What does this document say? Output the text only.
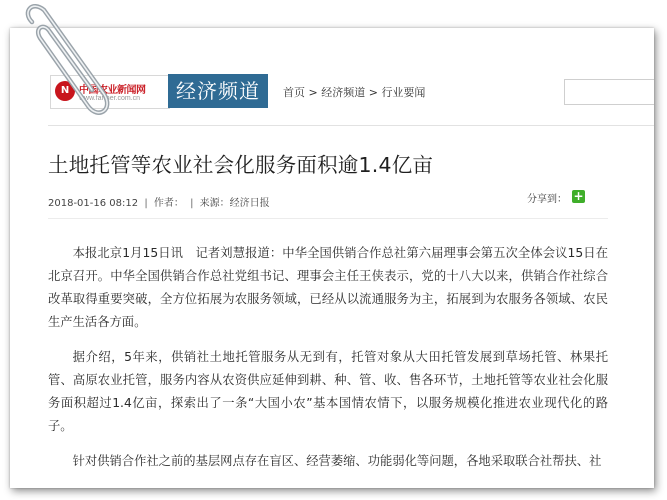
N 中国农业新闻网
www.farmer.com.cn	经济频道	首页 > 经济频道 > 行业要闻
土地托管等农业社会化服务面积逾1.4亿亩
2018-01-16 08:12 | 作者： | 来源：经济日报	分享到： +

本报北京1月15日讯　记者刘慧报道：中华全国供销合作总社第六届理事会第五次全体会议15日在北京召开。中华全国供销合作总社党组书记、理事会主任王侠表示，党的十八大以来，供销合作社综合改革取得重要突破，全方位拓展为农服务领域，已经从以流通服务为主，拓展到为农服务各领域、农民生产生活各方面。

据介绍，5年来，供销社土地托管服务从无到有，托管对象从大田托管发展到草场托管、林果托管、高原农业托管，服务内容从农资供应延伸到耕、种、管、收、售各环节，土地托管等农业社会化服务面积超过1.4亿亩，探索出了一条“大国小农”基本国情农情下，以服务规模化推进农业现代化的路子。

针对供销合作社之前的基层网点存在盲区、经营萎缩、功能弱化等问题，各地采取联合社帮扶、社
